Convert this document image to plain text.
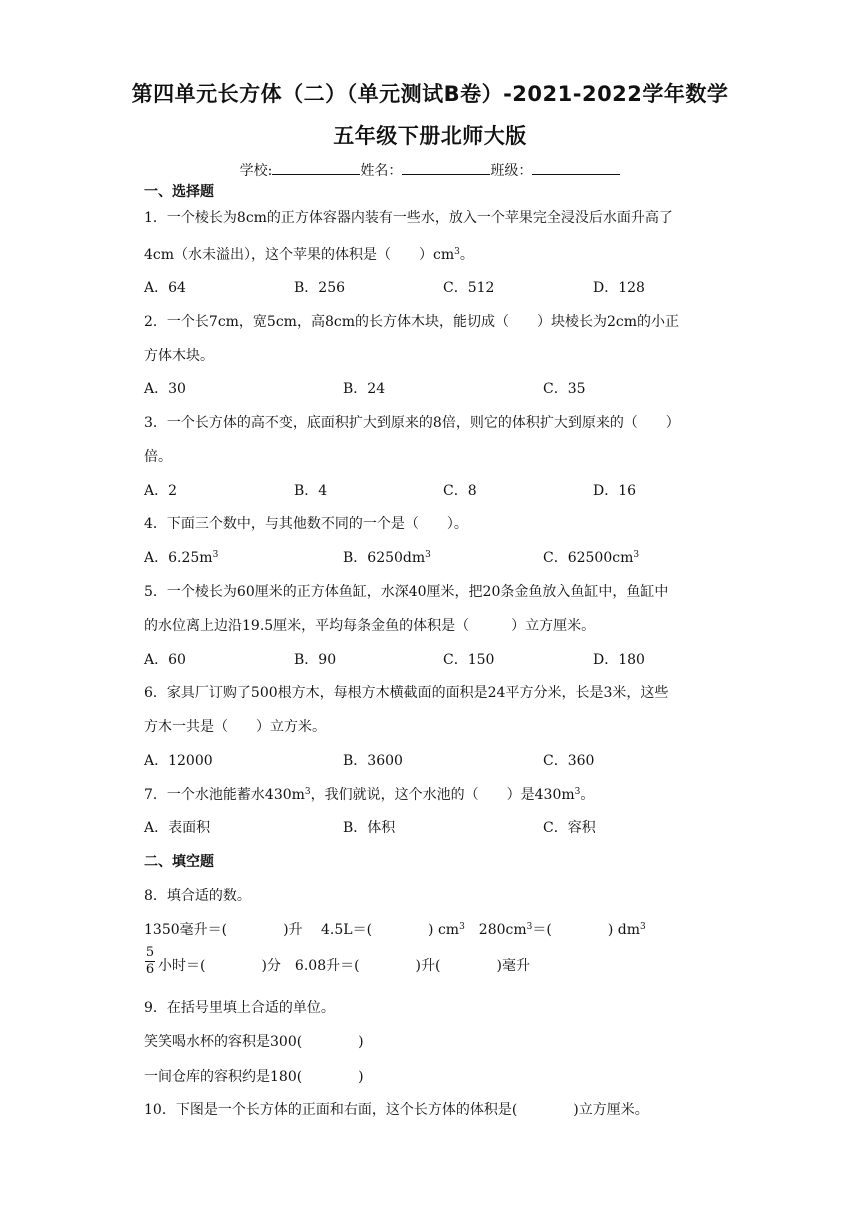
第四单元长方体（二）（单元测试B卷）-2021-2022学年数学
五年级下册北师大版
学校:	姓名：	班级：
一、选择题
1．一个棱长为8cm的正方体容器内装有一些水，放入一个苹果完全浸没后水面升高了
4cm（水未溢出），这个苹果的体积是（　　）$cm^3$。
A．64	B．256	C．512	D．128
2．一个长7cm，宽5cm，高8cm的长方体木块，能切成（　　）块棱长为2cm的小正
方体木块。
A．30	B．24	C．35
3．一个长方体的高不变，底面积扩大到原来的8倍，则它的体积扩大到原来的（　　）
倍。
A．2	B．4	C．8	D．16
4．下面三个数中，与其他数不同的一个是（　　）。
A．$6.25m^3$	B．$6250dm^3$	C．$62500cm^3$
5．一个棱长为60厘米的正方体鱼缸，水深40厘米，把20条金鱼放入鱼缸中，鱼缸中
的水位离上边沿19.5厘米，平均每条金鱼的体积是（　　　）立方厘米。
A．60	B．90	C．150	D．180
6．家具厂订购了500根方木，每根方木横截面的面积是24平方分米，长是3米，这些
方木一共是（　　）立方米。
A．12000	B．3600	C．360
7．一个水池能蓄水$430m^3$，我们就说，这个水池的（　　）是$430m^3$。
A．表面积	B．体积	C．容积
二、填空题
8．填合适的数。
1350毫升＝(　　　　)升　 4.5L＝(　　　　) $cm^3$　$280cm^3=$(　　　　) $dm^3$
5
6 小时＝(　　　　)分　6.08升＝(　　　　)升(　　　　)毫升
9．在括号里填上合适的单位。
笑笑喝水杯的容积是300(　　　　)
一间仓库的容积约是180(　　　　)
10．下图是一个长方体的正面和右面，这个长方体的体积是(　　　　)立方厘米。
